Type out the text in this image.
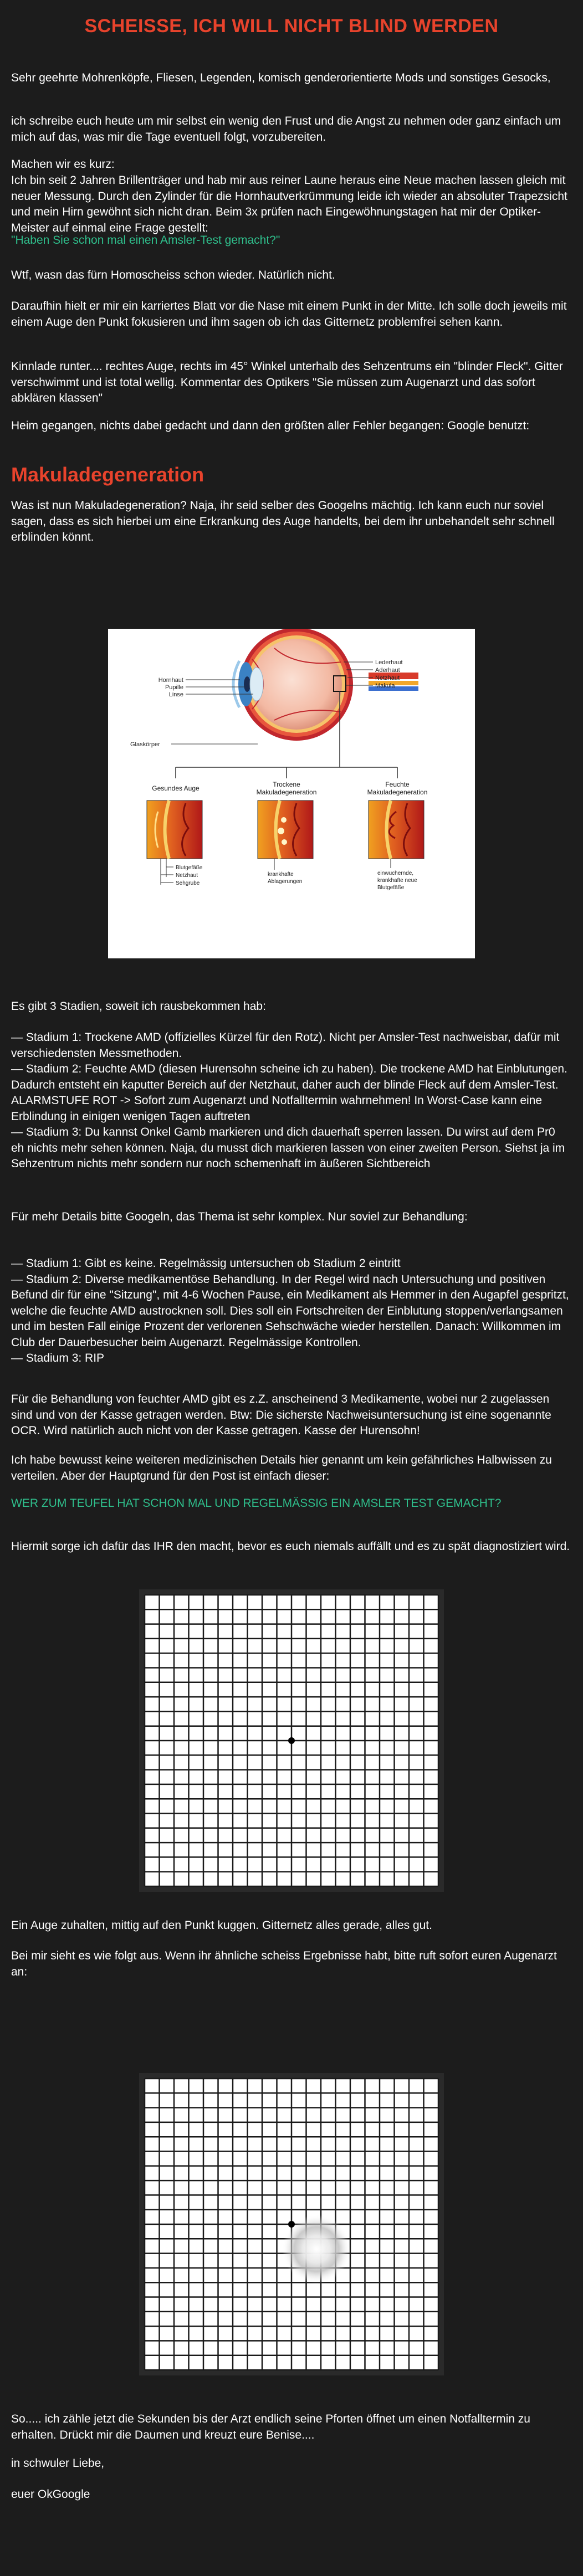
SCHEISSE, ICH WILL NICHT BLIND WERDEN

Sehr geehrte Mohrenköpfe, Fliesen, Legenden, komisch genderorientierte Mods und sonstiges Gesocks,

ich schreibe euch heute um mir selbst ein wenig den Frust und die Angst zu nehmen oder ganz einfach um mich auf das, was mir die Tage eventuell folgt, vorzubereiten.

Machen wir es kurz:

Ich bin seit 2 Jahren Brillenträger und hab mir aus reiner Laune heraus eine Neue machen lassen gleich mit neuer Messung. Durch den Zylinder für die Hornhautverkrümmung leide ich wieder an absoluter Trapezsicht und mein Hirn gewöhnt sich nicht dran. Beim 3x prüfen nach Eingewöhnungstagen hat mir der Optiker-Meister auf einmal eine Frage gestellt:

"Haben Sie schon mal einen Amsler-Test gemacht?"

Wtf, wasn das fürn Homoscheiss schon wieder. Natürlich nicht.

Daraufhin hielt er mir ein karriertes Blatt vor die Nase mit einem Punkt in der Mitte. Ich solle doch jeweils mit einem Auge den Punkt fokusieren und ihm sagen ob ich das Gitternetz problemfrei sehen kann.

Kinnlade runter.... rechtes Auge, rechts im 45° Winkel unterhalb des Sehzentrums ein "blinder Fleck". Gitter verschwimmt und ist total wellig. Kommentar des Optikers "Sie müssen zum Augenarzt und das sofort abklären klassen"

Heim gegangen, nichts dabei gedacht und dann den größten aller Fehler begangen: Google benutzt:

Makuladegeneration

Was ist nun Makuladegeneration? Naja, ihr seid selber des Googelns mächtig. Ich kann euch nur soviel sagen, dass es sich hierbei um eine Erkrankung des Auge handelts, bei dem ihr unbehandelt sehr schnell erblinden könnt.

Hornhaut
Pupille
Linse
Glaskörper
Lederhaut
Aderhaut
Netzhaut
Makula
Gesundes Auge	Trockene
Makuladegeneration
Feuchte
Makuladegeneration
Blutgefäße
Netzhaut
Sehgrube
krankhafte
Ablagerungen
einwuchernde,
krankhafte neue
Blutgefäße

Es gibt 3 Stadien, soweit ich rausbekommen hab:

— Stadium 1: Trockene AMD (offizielles Kürzel für den Rotz). Nicht per Amsler-Test nachweisbar, dafür mit verschiedensten Messmethoden.

— Stadium 2: Feuchte AMD (diesen Hurensohn scheine ich zu haben). Die trockene AMD hat Einblutungen. Dadurch entsteht ein kaputter Bereich auf der Netzhaut, daher auch der blinde Fleck auf dem Amsler-Test. ALARMSTUFE ROT -> Sofort zum Augenarzt und Notfalltermin wahrnehmen! In Worst-Case kann eine Erblindung in einigen wenigen Tagen auftreten

— Stadium 3: Du kannst Onkel Gamb markieren und dich dauerhaft sperren lassen. Du wirst auf dem Pr0 eh nichts mehr sehen können. Naja, du musst dich markieren lassen von einer zweiten Person. Siehst ja im Sehzentrum nichts mehr sondern nur noch schemenhaft im äußeren Sichtbereich

Für mehr Details bitte Googeln, das Thema ist sehr komplex. Nur soviel zur Behandlung:

— Stadium 1: Gibt es keine. Regelmässig untersuchen ob Stadium 2 eintritt

— Stadium 2: Diverse medikamentöse Behandlung. In der Regel wird nach Untersuchung und positiven Befund dir für eine "Sitzung", mit 4-6 Wochen Pause, ein Medikament als Hemmer in den Augapfel gespritzt, welche die feuchte AMD austrocknen soll. Dies soll ein Fortschreiten der Einblutung stoppen/verlangsamen und im besten Fall einige Prozent der verlorenen Sehschwäche wieder herstellen. Danach: Willkommen im Club der Dauerbesucher beim Augenarzt. Regelmässige Kontrollen.

— Stadium 3: RIP

Für die Behandlung von feuchter AMD gibt es z.Z. anscheinend 3 Medikamente, wobei nur 2 zugelassen sind und von der Kasse getragen werden. Btw: Die sicherste Nachweisuntersuchung ist eine sogenannte OCR. Wird natürlich auch nicht von der Kasse getragen. Kasse der Hurensohn!

Ich habe bewusst keine weiteren medizinischen Details hier genannt um kein gefährliches Halbwissen zu verteilen. Aber der Hauptgrund für den Post ist einfach dieser:

WER ZUM TEUFEL HAT SCHON MAL UND REGELMÄSSIG EIN AMSLER TEST GEMACHT?

Hiermit sorge ich dafür das IHR den macht, bevor es euch niemals auffällt und es zu spät diagnostiziert wird.

Ein Auge zuhalten, mittig auf den Punkt kuggen. Gitternetz alles gerade, alles gut.

Bei mir sieht es wie folgt aus. Wenn ihr ähnliche scheiss Ergebnisse habt, bitte ruft sofort euren Augenarzt an:

So..... ich zähle jetzt die Sekunden bis der Arzt endlich seine Pforten öffnet um einen Notfalltermin zu erhalten. Drückt mir die Daumen und kreuzt eure Benise....

in schwuler Liebe,

euer OkGoogle
